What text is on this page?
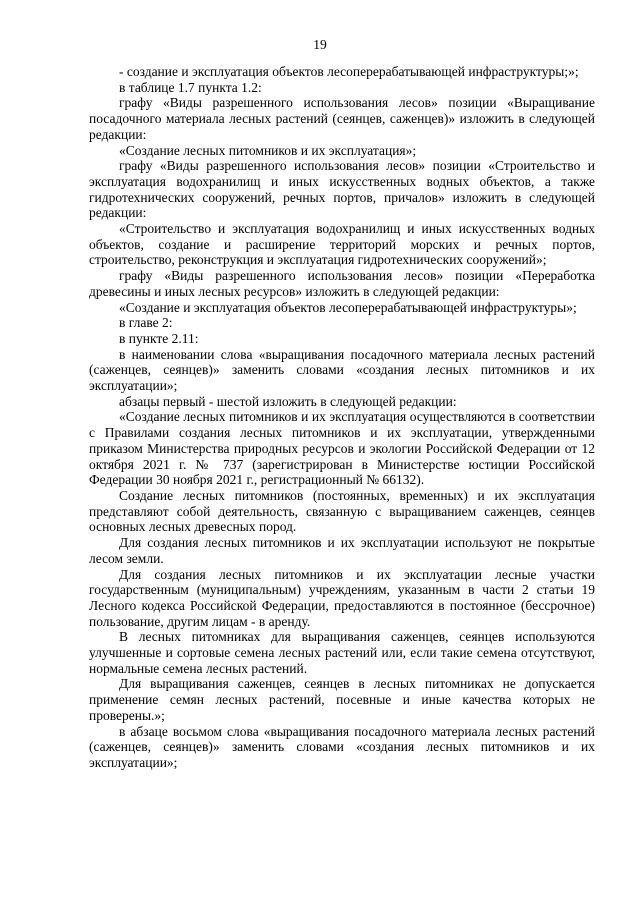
19

- создание и эксплуатация объектов лесоперерабатывающей инфраструктуры;»;

в таблице 1.7 пункта 1.2:

графу «Виды разрешенного использования лесов» позиции «Выращивание посадочного материала лесных растений (сеянцев, саженцев)» изложить в следующей редакции:

«Создание лесных питомников и их эксплуатация»;

графу «Виды разрешенного использования лесов» позиции «Строительство и эксплуатация водохранилищ и иных искусственных водных объектов, а также гидротехнических сооружений, речных портов, причалов» изложить в следующей редакции:

«Строительство и эксплуатация водохранилищ и иных искусственных водных объектов, создание и расширение территорий морских и речных портов, строительство, реконструкция и эксплуатация гидротехнических сооружений»;

графу «Виды разрешенного использования лесов» позиции «Переработка древесины и иных лесных ресурсов» изложить в следующей редакции:

«Создание и эксплуатация объектов лесоперерабатывающей инфраструктуры»;

в главе 2:

в пункте 2.11:

в наименовании слова «выращивания посадочного материала лесных растений (саженцев, сеянцев)» заменить словами «создания лесных питомников и их эксплуатации»;

абзацы первый - шестой изложить в следующей редакции:

«Создание лесных питомников и их эксплуатация осуществляются в соответствии с Правилами создания лесных питомников и их эксплуатации, утвержденными приказом Министерства природных ресурсов и экологии Российской Федерации от 12 октября 2021 г. № 737 (зарегистрирован в Министерстве юстиции Российской Федерации 30 ноября 2021 г., регистрационный № 66132).

Создание лесных питомников (постоянных, временных) и их эксплуатация представляют собой деятельность, связанную с выращиванием саженцев, сеянцев основных лесных древесных пород.

Для создания лесных питомников и их эксплуатации используют не покрытые лесом земли.

Для создания лесных питомников и их эксплуатации лесные участки государственным (муниципальным) учреждениям, указанным в части 2 статьи 19 Лесного кодекса Российской Федерации, предоставляются в постоянное (бессрочное) пользование, другим лицам - в аренду.

В лесных питомниках для выращивания саженцев, сеянцев используются улучшенные и сортовые семена лесных растений или, если такие семена отсутствуют, нормальные семена лесных растений.

Для выращивания саженцев, сеянцев в лесных питомниках не допускается применение семян лесных растений, посевные и иные качества которых не проверены.»;

в абзаце восьмом слова «выращивания посадочного материала лесных растений (саженцев, сеянцев)» заменить словами «создания лесных питомников и их эксплуатации»;
